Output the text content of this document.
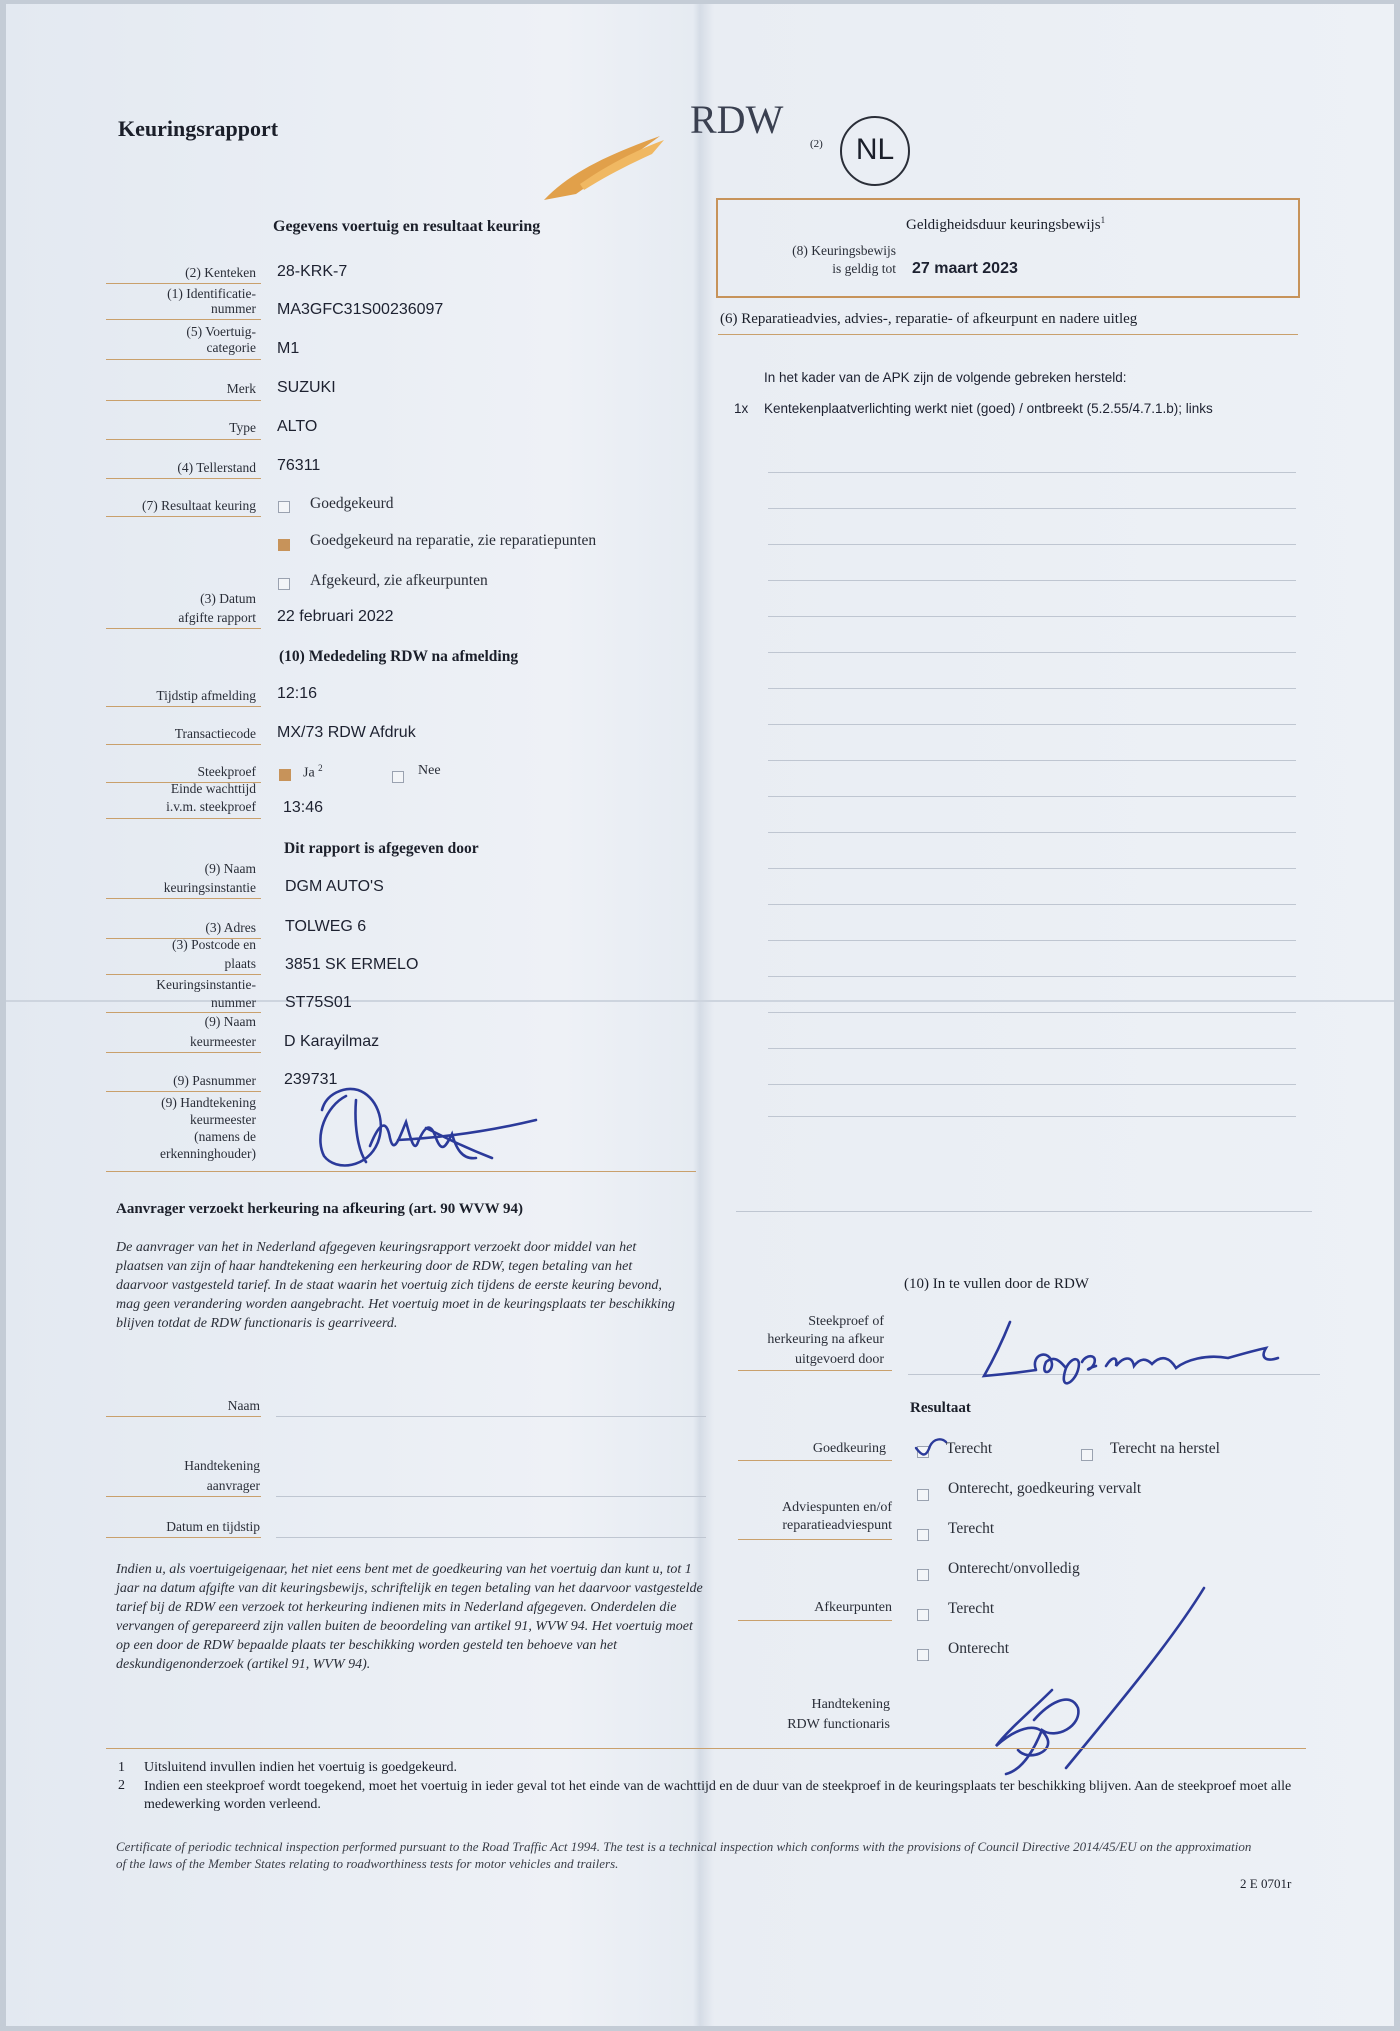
Keuringsrapport	RDW
(2)	NL
Gegevens voertuig en resultaat keuring
(2) Kenteken 28-KRK-7
(1) Identificatie-
nummer MA3GFC31S00236097
(5) Voertuig-
categorie M1
Merk SUZUKI
Type ALTO
(4) Tellerstand 76311
(7) Resultaat keuring	Goedgekeurd
Goedgekeurd na reparatie, zie reparatiepunten
Afgekeurd, zie afkeurpunten
(3) Datum
afgifte rapport 22 februari 2022
(10) Mededeling RDW na afmelding
Tijdstip afmelding 12:16
Transactiecode MX/73 RDW Afdruk
Steekproef	Ja $^2$	Nee
Einde wachttijd
i.v.m. steekproef 13:46
Dit rapport is afgegeven door
(9) Naam
keuringsinstantie DGM AUTO'S
(3) Adres TOLWEG 6
(3) Postcode en
plaats 3851 SK ERMELO
Keuringsinstantie-
nummer ST75S01
(9) Naam
keurmeester D Karayilmaz
(9) Pasnummer 239731
(9) Handtekening
keurmeester
(namens de
erkenninghouder)
Aanvrager verzoekt herkeuring na afkeuring (art. 90 WVW 94)
De aanvrager van het in Nederland afgegeven keuringsrapport verzoekt door middel van het plaatsen van zijn of haar handtekening een herkeuring door de RDW, tegen betaling van het daarvoor vastgesteld tarief. In de staat waarin het voertuig zich tijdens de eerste keuring bevond, mag geen verandering worden aangebracht. Het voertuig moet in de keuringsplaats ter beschikking blijven totdat de RDW functionaris is gearriveerd.
Naam
Handtekening
aanvrager
Datum en tijdstip
Indien u, als voertuigeigenaar, het niet eens bent met de goedkeuring van het voertuig dan kunt u, tot 1 jaar na datum afgifte van dit keuringsbewijs, schriftelijk en tegen betaling van het daarvoor vastgestelde tarief bij de RDW een verzoek tot herkeuring indienen mits in Nederland afgegeven. Onderdelen die vervangen of gerepareerd zijn vallen buiten de beoordeling van artikel 91, WVW 94. Het voertuig moet op een door de RDW bepaalde plaats ter beschikking worden gesteld ten behoeve van het deskundigenonderzoek (artikel 91, WVW 94).
Geldigheidsduur keuringsbewijs$^1$
(8) Keuringsbewijs
is geldig tot 27 maart 2023
(6) Reparatieadvies, advies-, reparatie- of afkeurpunt en nadere uitleg
In het kader van de APK zijn de volgende gebreken hersteld:
1x Kentekenplaatverlichting werkt niet (goed) / ontbreekt (5.2.55/4.7.1.b); links
(10) In te vullen door de RDW
Steekproef of
herkeuring na afkeur
uitgevoerd door
Resultaat
Goedkeuring	Terecht	Terecht na herstel
Onterecht, goedkeuring vervalt
Adviespunten en/of
reparatieadviespunt	Terecht
Onterecht/onvolledig
Afkeurpunten	Terecht
Onterecht
Handtekening
RDW functionaris
1 Uitsluitend invullen indien het voertuig is goedgekeurd.
2 Indien een steekproef wordt toegekend, moet het voertuig in ieder geval tot het einde van de wachttijd en de duur van de steekproef in de keuringsplaats ter beschikking blijven. Aan de steekproef moet alle medewerking worden verleend.
Certificate of periodic technical inspection performed pursuant to the Road Traffic Act 1994. The test is a technical inspection which conforms with the provisions of Council Directive 2014/45/EU on the approximation of the laws of the Member States relating to roadworthiness tests for motor vehicles and trailers.
2 E 0701r
